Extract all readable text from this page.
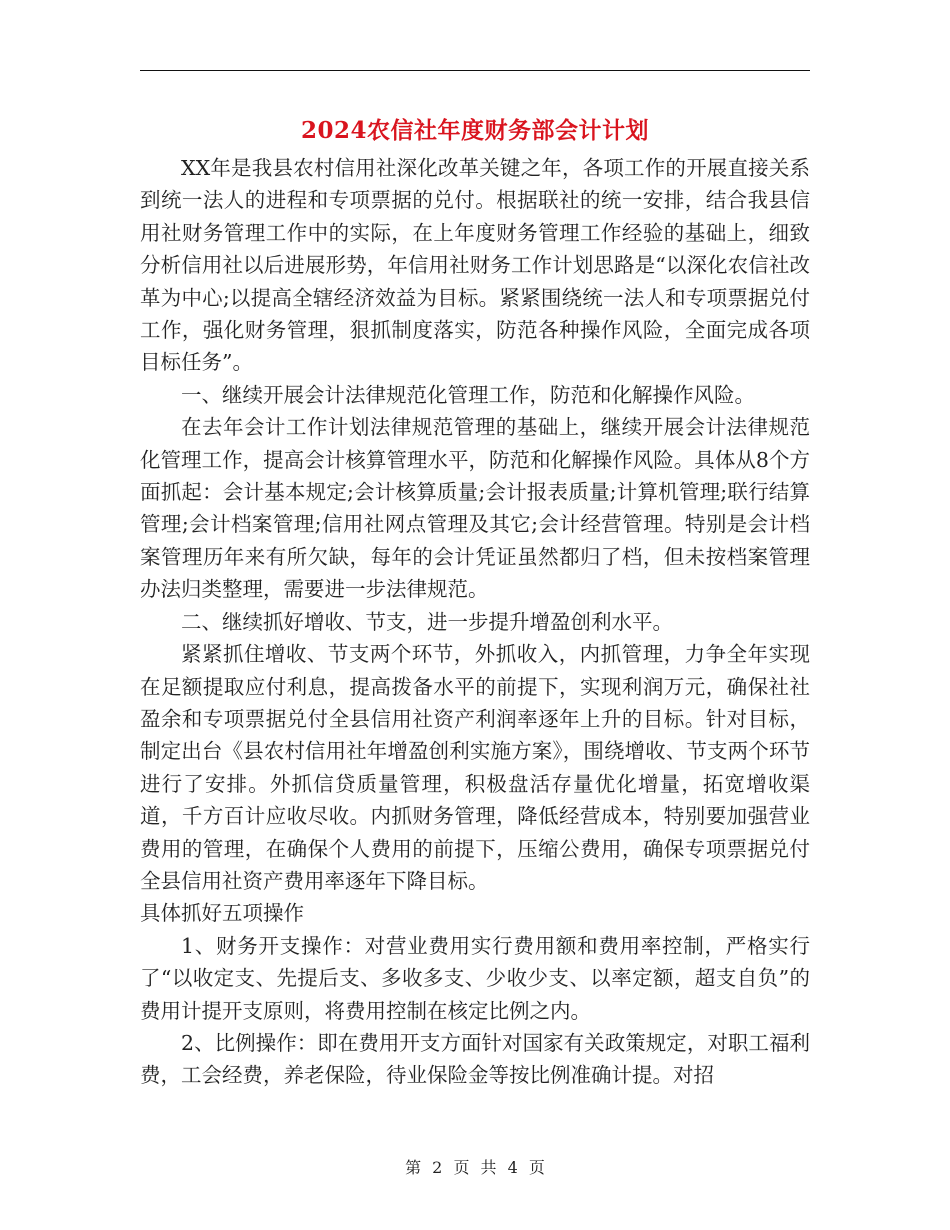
2024农信社年度财务部会计计划

XX年是我县农村信用社深化改革关键之年，各项工作的开展直接关系到统一法人的进程和专项票据的兑付。根据联社的统一安排，结合我县信用社财务管理工作中的实际，在上年度财务管理工作经验的基础上，细致分析信用社以后进展形势，年信用社财务工作计划思路是“以深化农信社改革为中心;以提高全辖经济效益为目标。紧紧围绕统一法人和专项票据兑付工作，强化财务管理，狠抓制度落实，防范各种操作风险，全面完成各项目标任务”。

一、继续开展会计法律规范化管理工作，防范和化解操作风险。

在去年会计工作计划法律规范管理的基础上，继续开展会计法律规范化管理工作，提高会计核算管理水平，防范和化解操作风险。具体从8个方面抓起：会计基本规定;会计核算质量;会计报表质量;计算机管理;联行结算管理;会计档案管理;信用社网点管理及其它;会计经营管理。特别是会计档案管理历年来有所欠缺，每年的会计凭证虽然都归了档，但未按档案管理办法归类整理，需要进一步法律规范。

二、继续抓好增收、节支，进一步提升增盈创利水平。

紧紧抓住增收、节支两个环节，外抓收入，内抓管理，力争全年实现在足额提取应付利息，提高拨备水平的前提下，实现利润万元，确保社社盈余和专项票据兑付全县信用社资产利润率逐年上升的目标。针对目标，制定出台《县农村信用社年增盈创利实施方案》，围绕增收、节支两个环节进行了安排。外抓信贷质量管理，积极盘活存量优化增量，拓宽增收渠道，千方百计应收尽收。内抓财务管理，降低经营成本，特别要加强营业费用的管理，在确保个人费用的前提下，压缩公费用，确保专项票据兑付全县信用社资产费用率逐年下降目标。

具体抓好五项操作

1、财务开支操作：对营业费用实行费用额和费用率控制，严格实行了“以收定支、先提后支、多收多支、少收少支、以率定额，超支自负”的费用计提开支原则，将费用控制在核定比例之内。

2、比例操作：即在费用开支方面针对国家有关政策规定，对职工福利费，工会经费，养老保险，待业保险金等按比例准确计提。对招

第 2 页 共 4 页
